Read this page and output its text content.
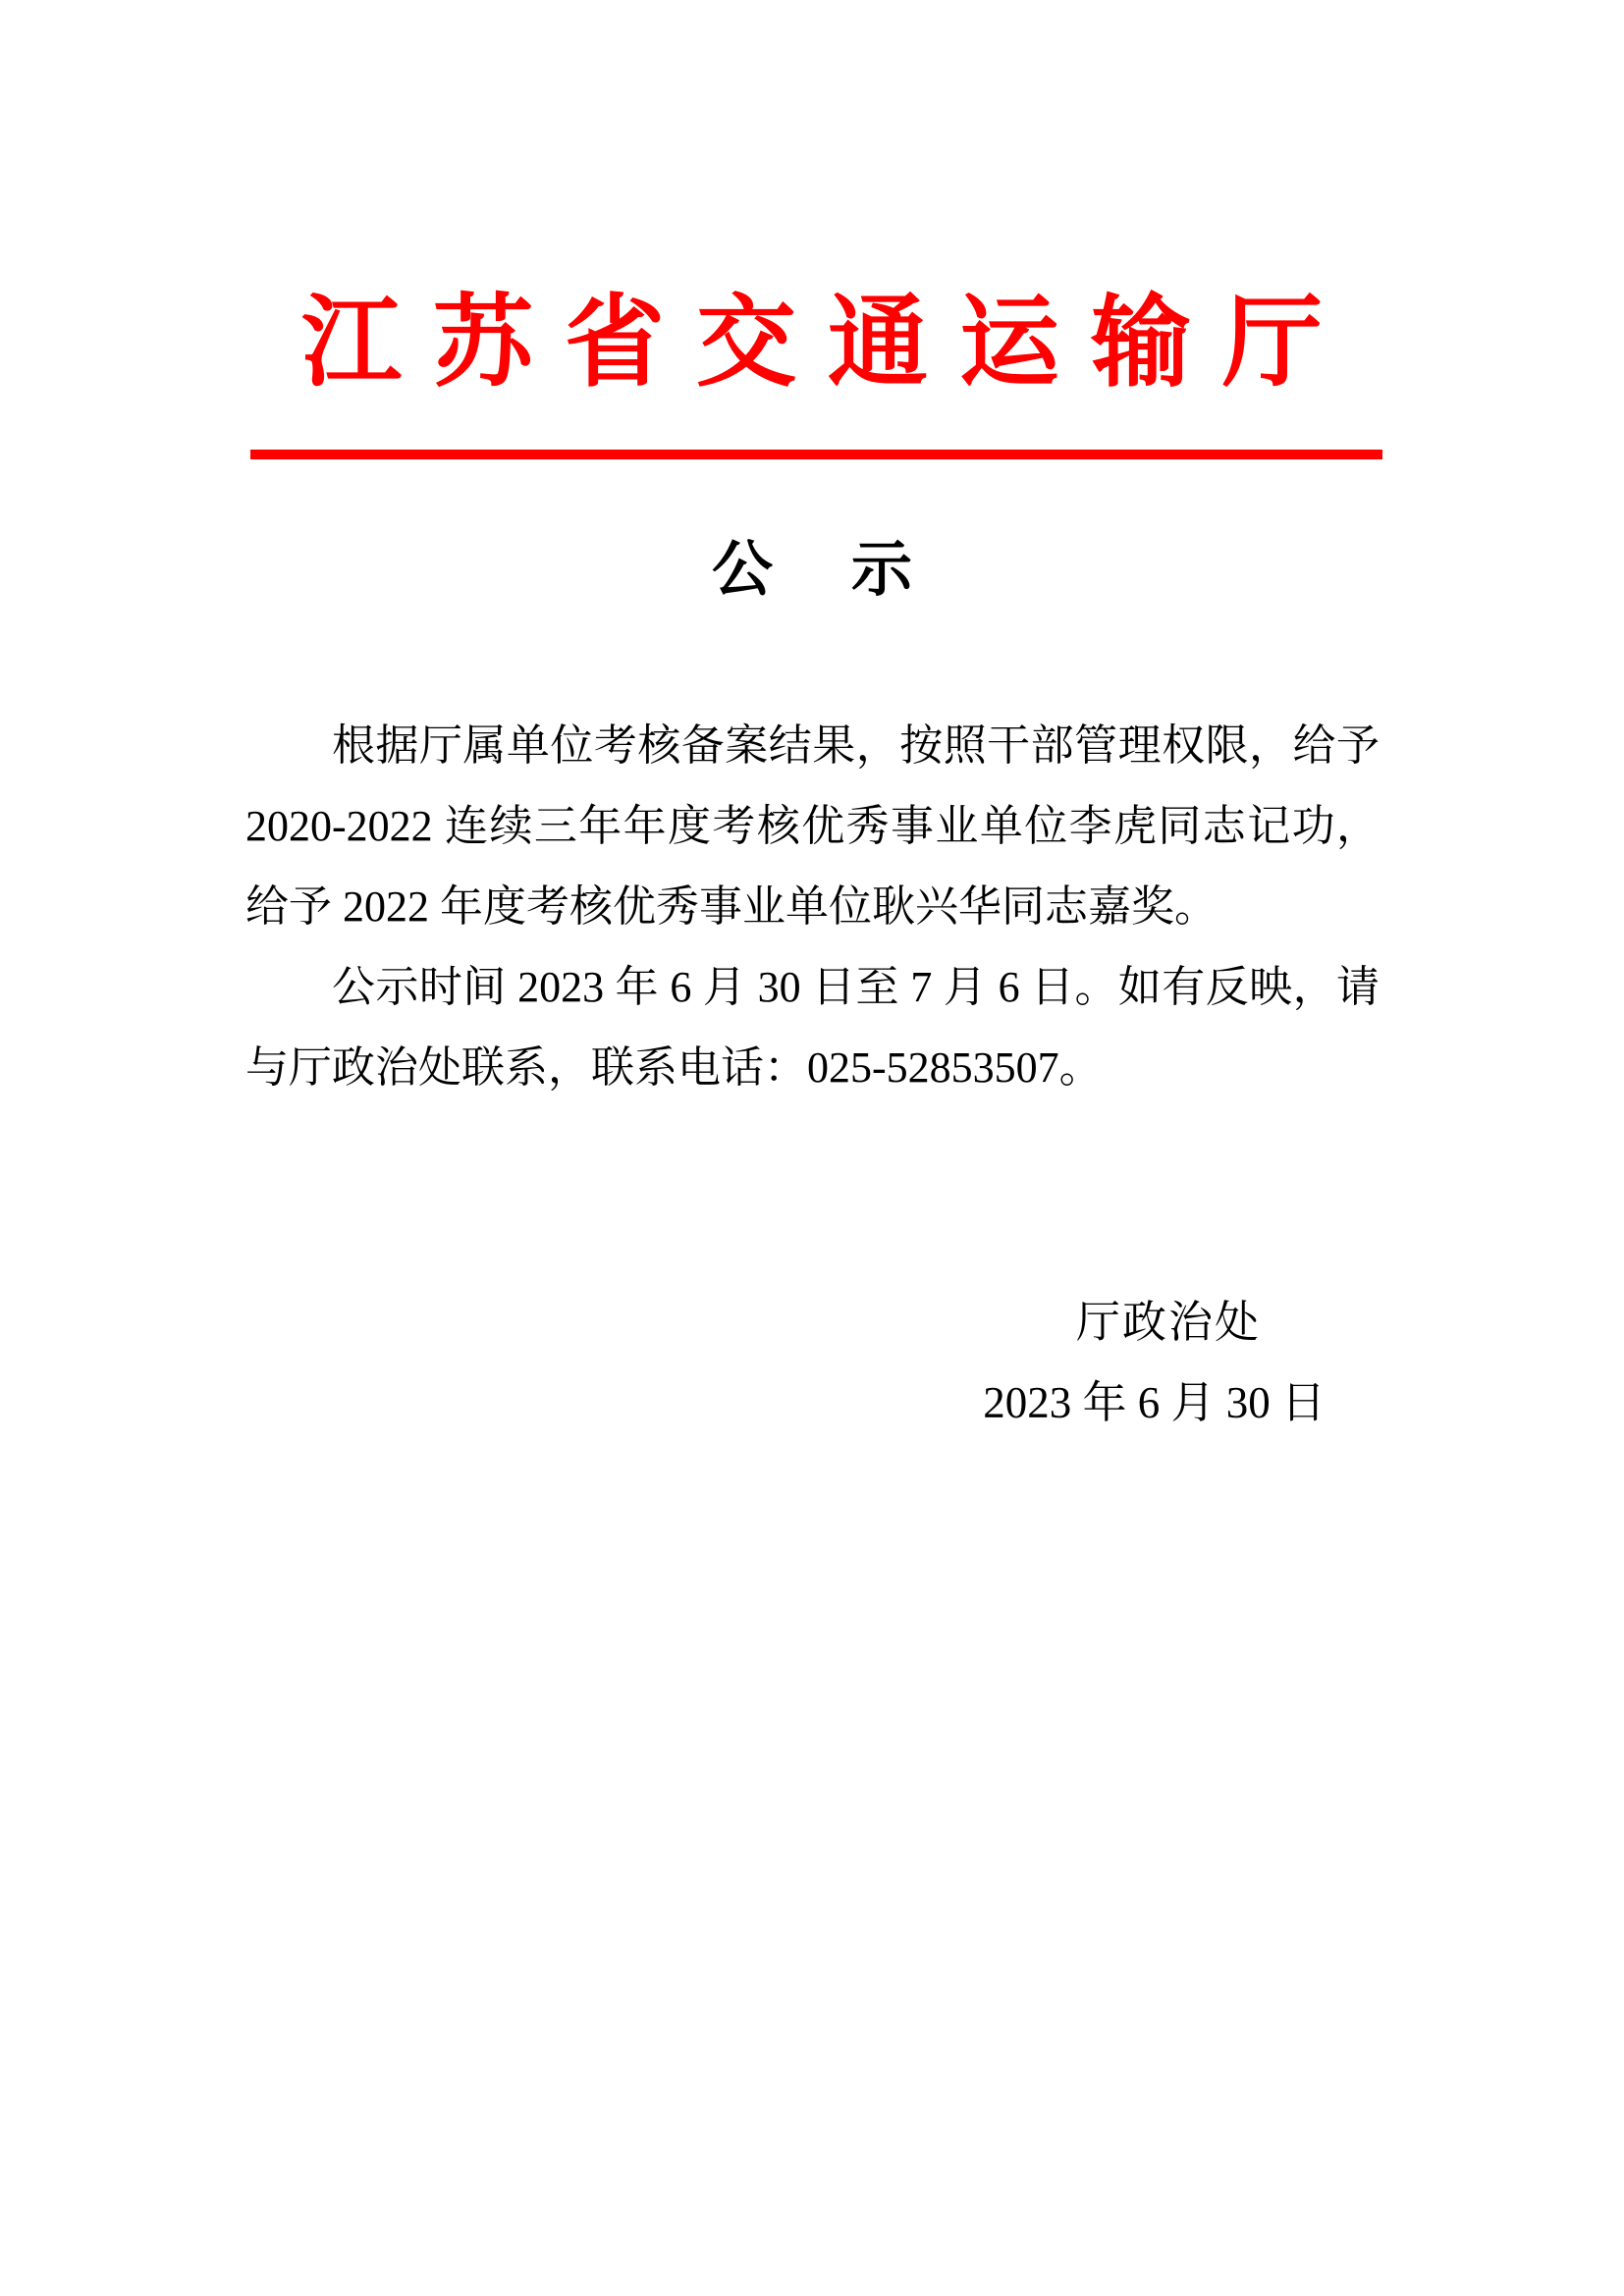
江苏省交通运输厅
公　示
根据厅属单位考核备案结果，按照干部管理权限，给予
2020-2022 连续三年年度考核优秀事业单位李虎同志记功，
给予 2022 年度考核优秀事业单位耿兴华同志嘉奖。
公示时间 2023 年 6 月 30 日至 7 月 6 日。如有反映，请
与厅政治处联系，联系电话：025-52853507。
厅政治处
2023 年 6 月 30 日
